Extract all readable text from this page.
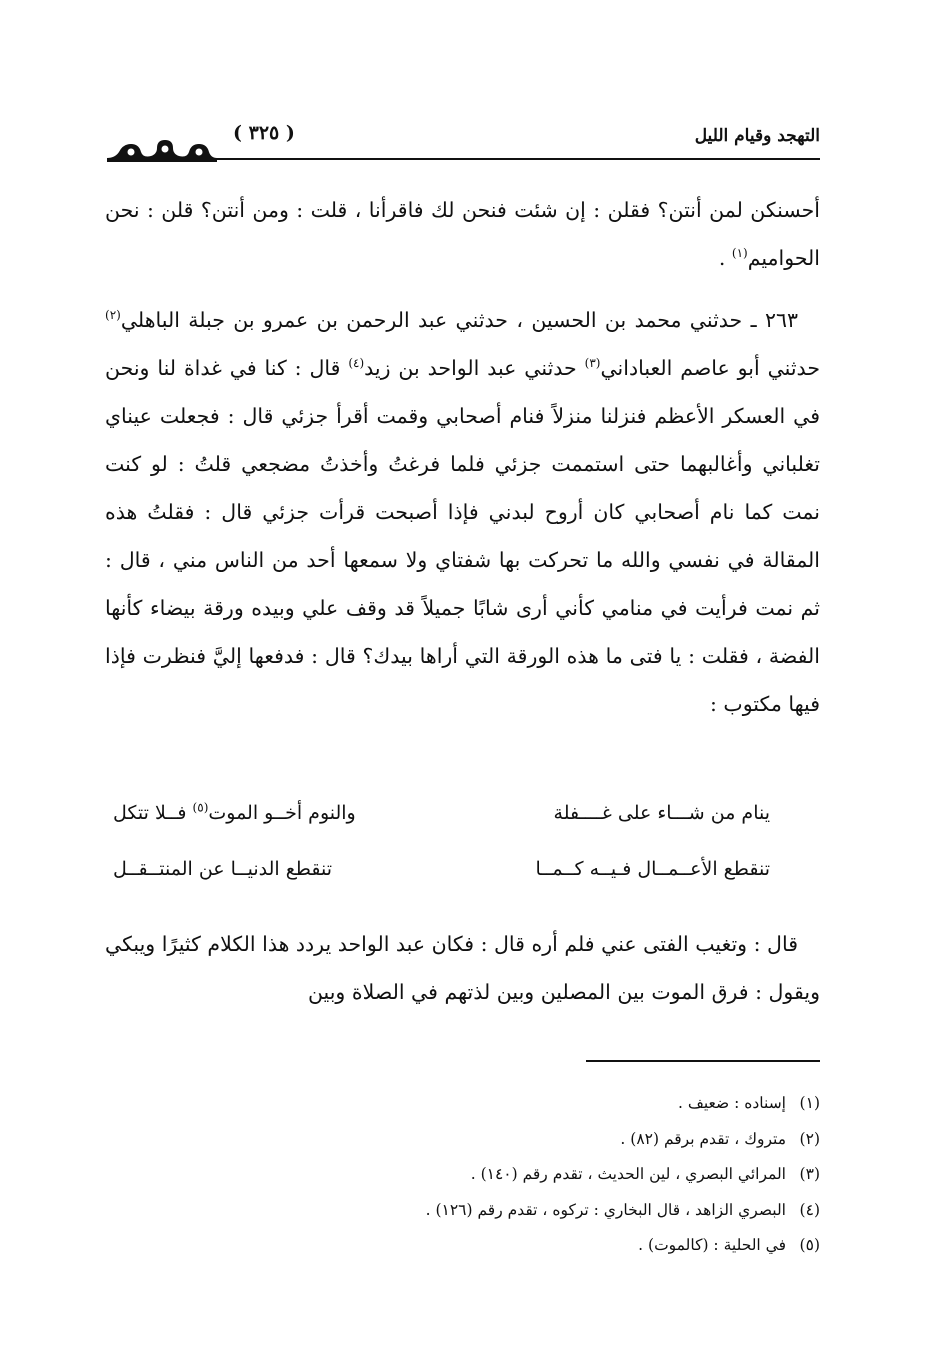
( ٣٢٥ )	التهجد وقيام الليل

أحسنكن لمن أنتن؟ فقلن : إن شئت فنحن لك فاقرأنا ، قلت : ومن أنتن؟ قلن : نحن الحواميم$^{(١)}$ .

٢٦٣ ـ حدثني محمد بن الحسين ، حدثني عبد الرحمن بن عمرو بن جبلة الباهلي$^{(٢)}$ حدثني أبو عاصم العباداني$^{(٣)}$ حدثني عبد الواحد بن زيد$^{(٤)}$ قال : كنا في غداة لنا ونحن في العسكر الأعظم فنزلنا منزلاً فنام أصحابي وقمت أقرأ جزئي قال : فجعلت عيناي تغلباني وأغالبهما حتى استممت جزئي فلما فرغتُ وأخذتُ مضجعي قلتُ : لو كنت نمت كما نام أصحابي كان أروح لبدني فإذا أصبحت قرأت جزئي قال : فقلتُ هذه المقالة في نفسي والله ما تحركت بها شفتاي ولا سمعها أحد من الناس مني ، قال : ثم نمت فرأيت في منامي كأني أرى شابًا جميلاً قد وقف علي وبيده ورقة بيضاء كأنها الفضة ، فقلت : يا فتى ما هذه الورقة التي أراها بيدك؟ قال : فدفعها إليَّ فنظرت فإذا فيها مكتوب :

ينام من شـــاء على غــــفلة
والنوم أخــو الموت$^{(٥)}$ فــلا تتكل
تنقطع الأعــمــال فـيــه كــمــا
تنقطع الدنيــا عن المنتــقــل

قال : وتغيب الفتى عني فلم أره قال : فكان عبد الواحد يردد هذا الكلام كثيرًا ويبكي ويقول : فرق الموت بين المصلين وبين لذتهم في الصلاة وبين

(١)إسناده : ضعيف .
(٢)متروك ، تقدم برقم (٨٢) .
(٣)المرائي البصري ، لين الحديث ، تقدم رقم (١٤٠) .
(٤)البصري الزاهد ، قال البخاري : تركوه ، تقدم رقم (١٢٦) .
(٥)في الحلية : (كالموت) .
